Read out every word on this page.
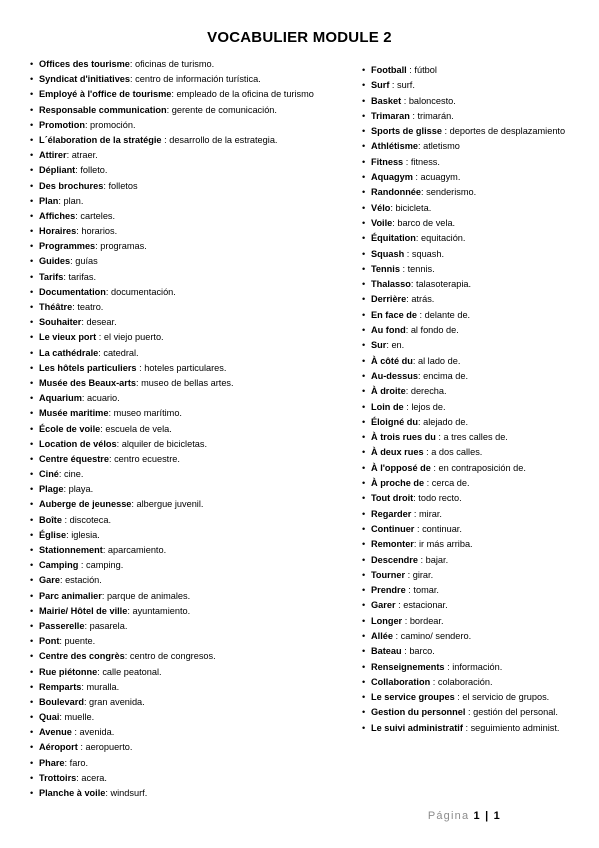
VOCABULIER MODULE 2
• Offices des tourisme: oficinas de turismo.
• Syndicat d'initiatives: centro de información turística.
• Employé à l'office de tourisme: empleado de la oficina de turismo
• Responsable communication: gerente de comunicación.
• Promotion: promoción.
• L´élaboration de la stratégie : desarrollo de la estrategia.
• Attirer: atraer.
• Dépliant: folleto.
• Des brochures: folletos
• Plan: plan.
• Affiches: carteles.
• Horaires: horarios.
• Programmes: programas.
• Guides: guías
• Tarifs: tarifas.
• Documentation: documentación.
• Théâtre: teatro.
• Souhaiter: desear.
• Le vieux port : el viejo puerto.
• La cathédrale: catedral.
• Les hôtels particuliers : hoteles particulares.
• Musée des Beaux-arts: museo de bellas artes.
• Aquarium: acuario.
• Musée maritime: museo marítimo.
• École de voile: escuela de vela.
• Location de vélos: alquiler de bicicletas.
• Centre équestre: centro ecuestre.
• Ciné: cine.
• Plage: playa.
• Auberge de jeunesse: albergue juvenil.
• Boîte : discoteca.
• Église: iglesia.
• Stationnement: aparcamiento.
• Camping : camping.
• Gare: estación.
• Parc animalier: parque de animales.
• Mairie/ Hôtel de ville: ayuntamiento.
• Passerelle: pasarela.
• Pont: puente.
• Centre des congrès: centro de congresos.
• Rue piétonne: calle peatonal.
• Remparts: muralla.
• Boulevard: gran avenida.
• Quai: muelle.
• Avenue : avenida.
• Aéroport : aeropuerto.
• Phare: faro.
• Trottoirs: acera.
• Planche à voile: windsurf.
• Football : fútbol
• Surf : surf.
• Basket : baloncesto.
• Trimaran : trimarán.
• Sports de glisse : deportes de desplazamiento
• Athlétisme: atletismo
• Fitness : fitness.
• Aquagym : acuagym.
• Randonnée: senderismo.
• Vélo: bicicleta.
• Voile: barco de vela.
• Équitation: equitación.
• Squash : squash.
• Tennis : tennis.
• Thalasso: talasoterapia.
• Derrière: atrás.
• En face de : delante de.
• Au fond: al fondo de.
• Sur: en.
• À côté du: al lado de.
• Au-dessus: encima de.
• À droite: derecha.
• Loin de : lejos de.
• Éloigné du: alejado de.
• À trois rues du : a tres calles de.
• À deux rues : a dos calles.
• À l'opposé de : en contraposición de.
• À proche de : cerca de.
• Tout droit: todo recto.
• Regarder : mirar.
• Continuer : continuar.
• Remonter: ir más arriba.
• Descendre : bajar.
• Tourner : girar.
• Prendre : tomar.
• Garer : estacionar.
• Longer : bordear.
• Allée : camino/ sendero.
• Bateau : barco.
• Renseignements : información.
• Collaboration : colaboración.
• Le service groupes : el servicio de grupos.
• Gestion du personnel : gestión del personal.
• Le suivi administratif : seguimiento administ.
Página 1 | 1
